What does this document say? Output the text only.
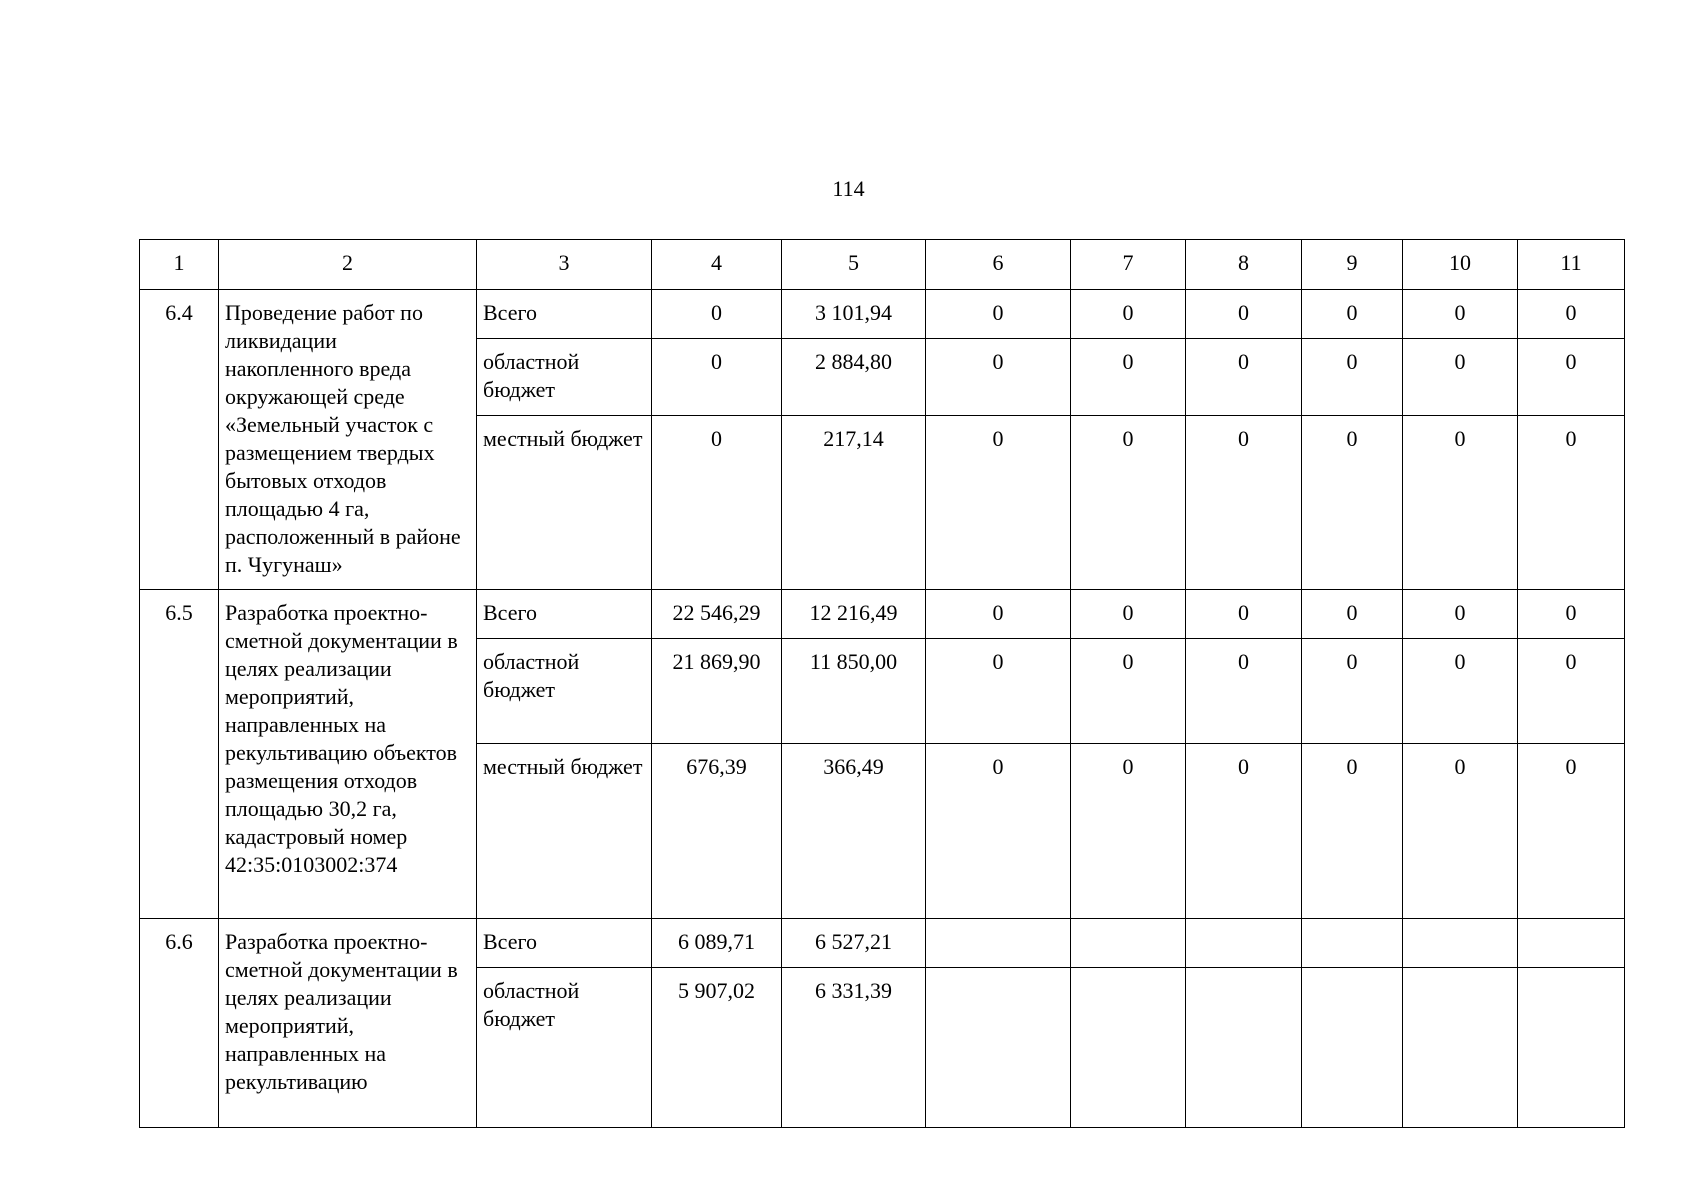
114
1	2	3	4	5	6	7	8	9	10	11
6.4	Проведение работ по ликвидации накопленного вреда окружающей среде «Земельный участок с размещением твердых бытовых отходов площадью 4 га, расположенный в районе п. Чугунаш»	Всего	0	3 101,94	0	0	0	0	0	0
		областной бюджет	0	2 884,80	0	0	0	0	0	0
		местный бюджет	0	217,14	0	0	0	0	0	0
6.5	Разработка проектно-сметной документации в целях реализации мероприятий, направленных на рекультивацию объектов размещения отходов площадью 30,2 га, кадастровый номер 42:35:0103002:374	Всего	22 546,29	12 216,49	0	0	0	0	0	0
		областной бюджет	21 869,90	11 850,00	0	0	0	0	0	0
		местный бюджет	676,39	366,49	0	0	0	0	0	0
6.6	Разработка проектно-сметной документации в целях реализации мероприятий, направленных на рекультивацию	Всего	6 089,71	6 527,21						
		областной бюджет	5 907,02	6 331,39						
